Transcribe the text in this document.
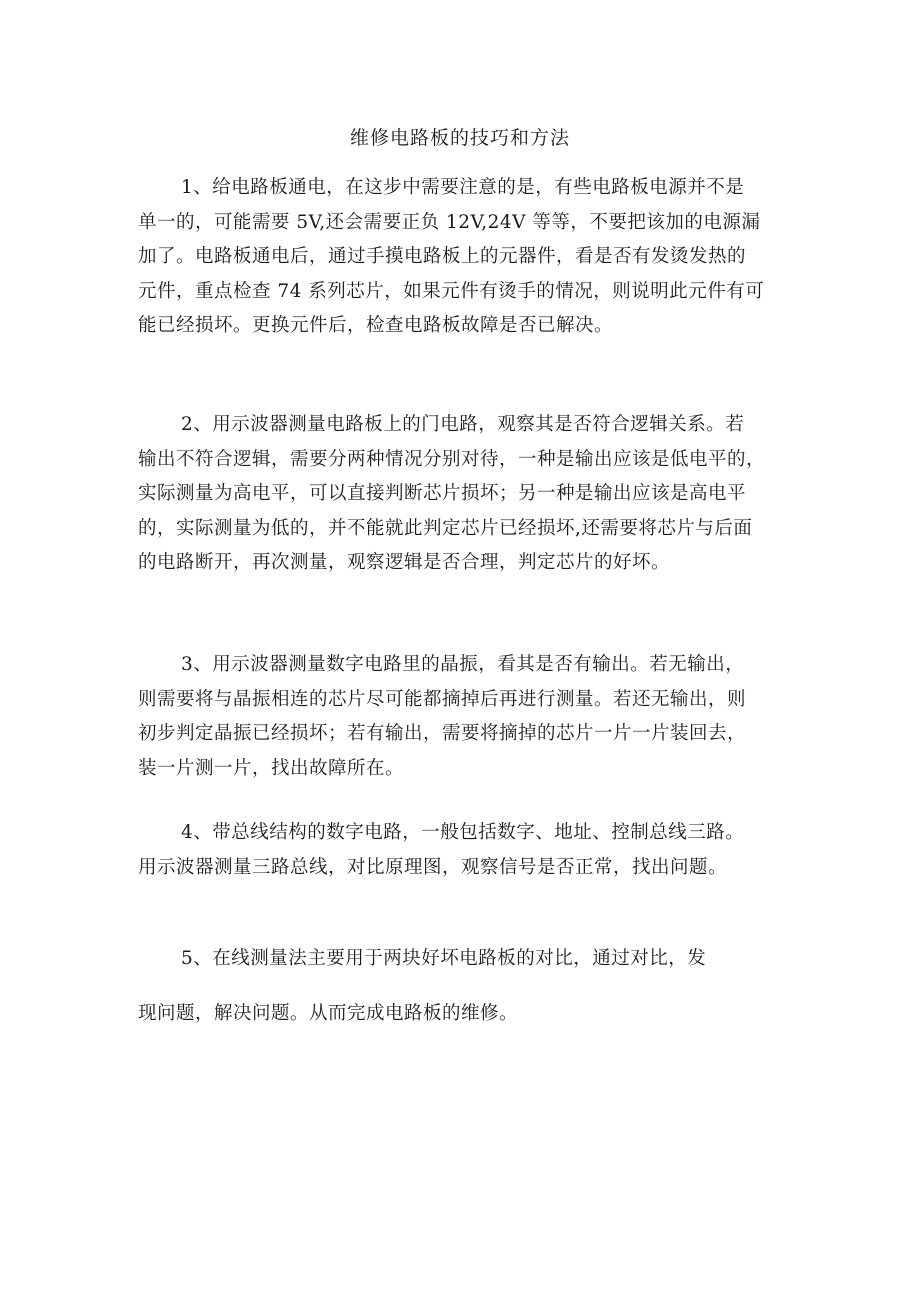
维修电路板的技巧和方法
1、给电路板通电，在这步中需要注意的是，有些电路板电源并不是
单一的，可能需要 5V,还会需要正负 12V,24V 等等，不要把该加的电源漏
加了。电路板通电后，通过手摸电路板上的元器件，看是否有发烫发热的
元件，重点检查 74 系列芯片，如果元件有烫手的情况，则说明此元件有可
能已经损坏。更换元件后，检查电路板故障是否已解决。
2、用示波器测量电路板上的门电路，观察其是否符合逻辑关系。若
输出不符合逻辑，需要分两种情况分别对待，一种是输出应该是低电平的，
实际测量为高电平，可以直接判断芯片损坏；另一种是输出应该是高电平
的，实际测量为低的，并不能就此判定芯片已经损坏,还需要将芯片与后面
的电路断开，再次测量，观察逻辑是否合理，判定芯片的好坏。
3、用示波器测量数字电路里的晶振，看其是否有输出。若无输出，
则需要将与晶振相连的芯片尽可能都摘掉后再进行测量。若还无输出，则
初步判定晶振已经损坏；若有输出，需要将摘掉的芯片一片一片装回去，
装一片测一片，找出故障所在。
4、带总线结构的数字电路，一般包括数字、地址、控制总线三路。
用示波器测量三路总线，对比原理图，观察信号是否正常，找出问题。
5、在线测量法主要用于两块好坏电路板的对比，通过对比，发
现问题，解决问题。从而完成电路板的维修。
